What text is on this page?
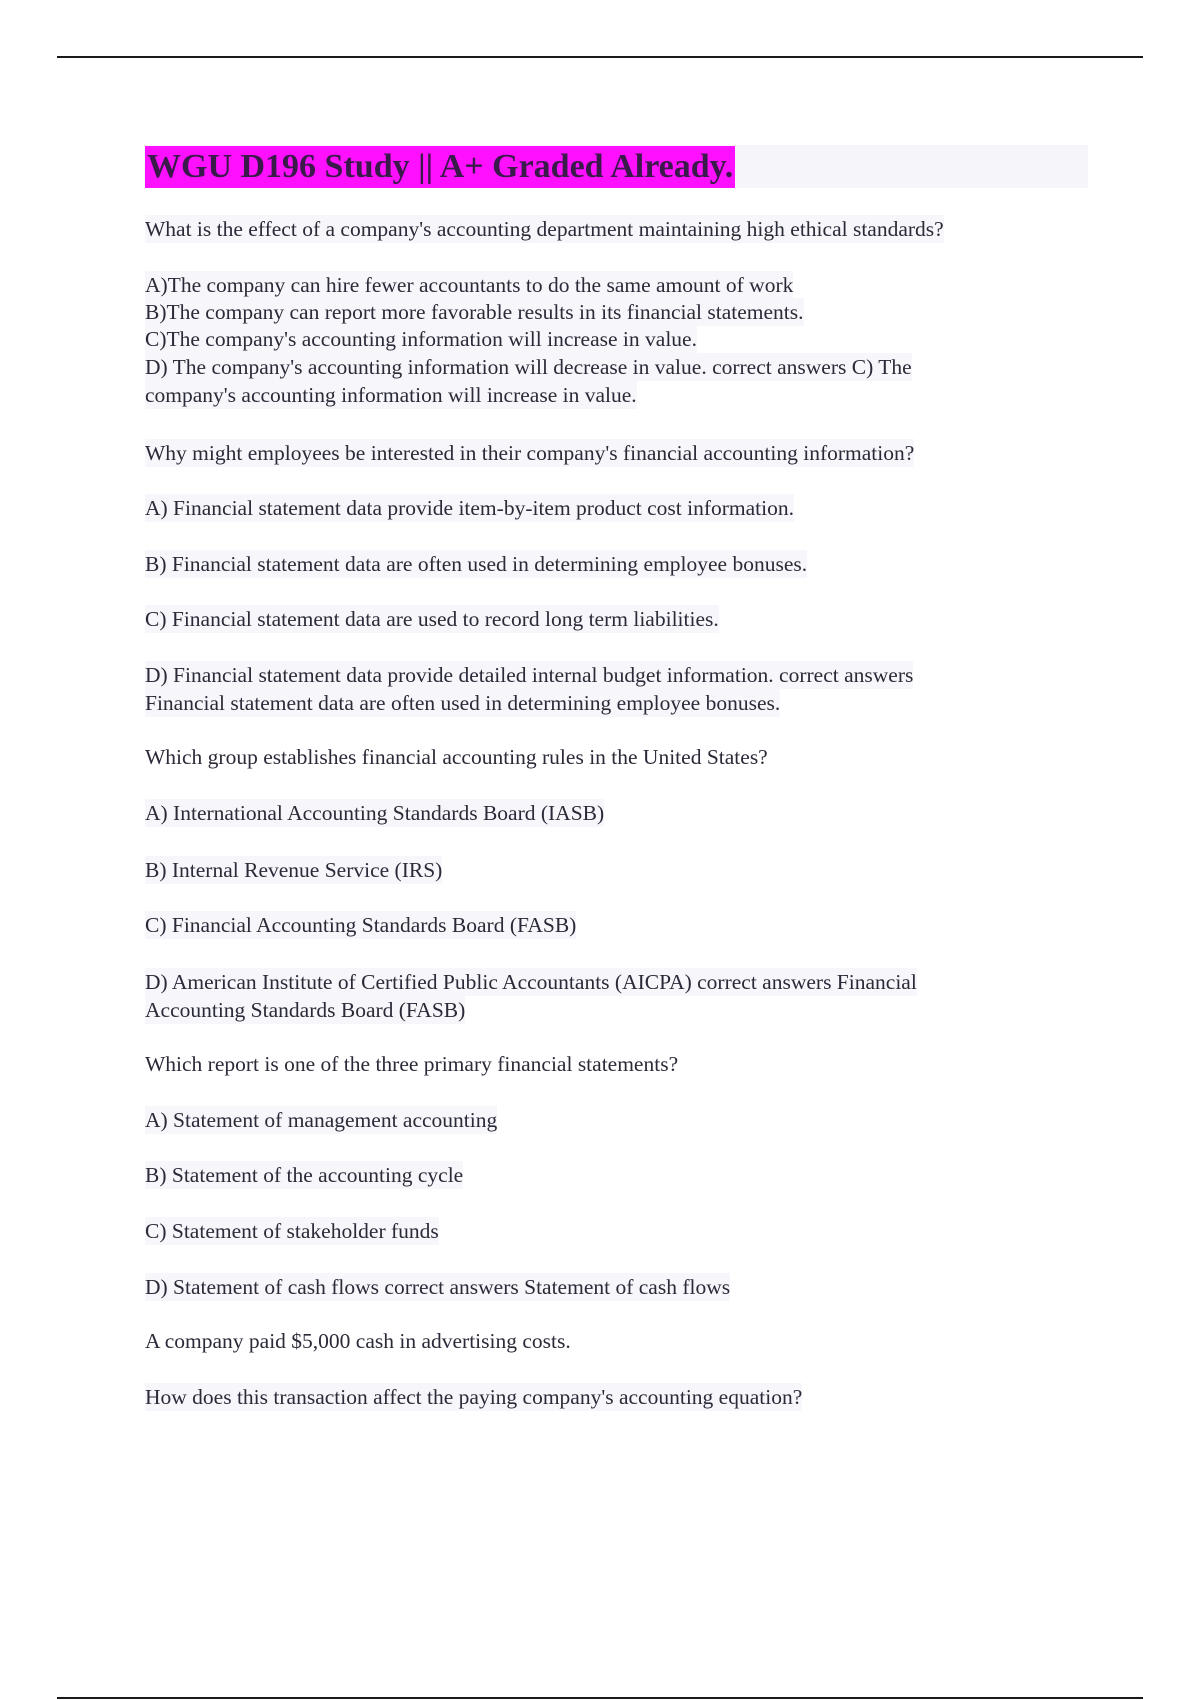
WGU D196 Study || A+ Graded Already.
What is the effect of a company's accounting department maintaining high ethical standards?
A)The company can hire fewer accountants to do the same amount of work
B)The company can report more favorable results in its financial statements.
C)The company's accounting information will increase in value.
D) The company's accounting information will decrease in value. correct answers C) The
company's accounting information will increase in value.
Why might employees be interested in their company's financial accounting information?
A) Financial statement data provide item-by-item product cost information.
B) Financial statement data are often used in determining employee bonuses.
C) Financial statement data are used to record long term liabilities.
D) Financial statement data provide detailed internal budget information. correct answers
Financial statement data are often used in determining employee bonuses.
Which group establishes financial accounting rules in the United States?
A) International Accounting Standards Board (IASB)
B) Internal Revenue Service (IRS)
C) Financial Accounting Standards Board (FASB)
D) American Institute of Certified Public Accountants (AICPA) correct answers Financial
Accounting Standards Board (FASB)
Which report is one of the three primary financial statements?
A) Statement of management accounting
B) Statement of the accounting cycle
C) Statement of stakeholder funds
D) Statement of cash flows correct answers Statement of cash flows
A company paid $5,000 cash in advertising costs.
How does this transaction affect the paying company's accounting equation?
